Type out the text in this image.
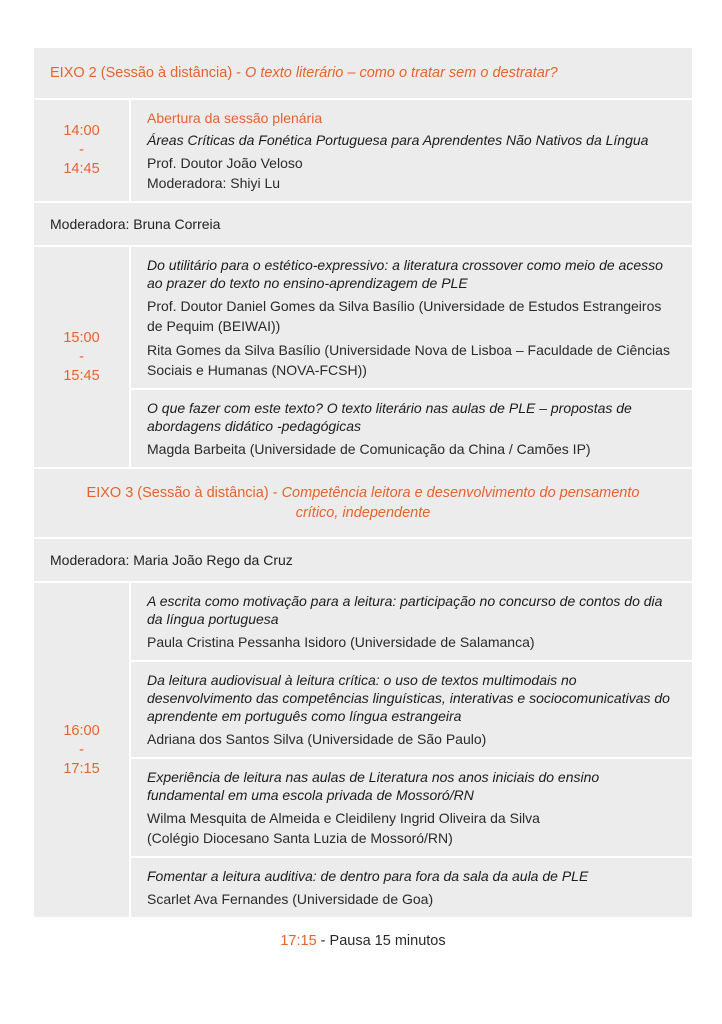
EIXO 2 (Sessão à distância) - O texto literário – como o tratar sem o destratar?
14:00
-
14:45
Abertura da sessão plenária
Áreas Críticas da Fonética Portuguesa para Aprendentes Não Nativos da Língua
Prof. Doutor João Veloso
Moderadora: Shiyi Lu
Moderadora: Bruna Correia
15:00
-
15:45
Do utilitário para o estético-expressivo: a literatura crossover como meio de acesso ao prazer do texto no ensino-aprendizagem de PLE
Prof. Doutor Daniel Gomes da Silva Basílio (Universidade de Estudos Estrangeiros de Pequim (BEIWAI))
Rita Gomes da Silva Basílio (Universidade Nova de Lisboa – Faculdade de Ciências Sociais e Humanas (NOVA-FCSH))
O que fazer com este texto? O texto literário nas aulas de PLE – propostas de abordagens didático -pedagógicas
Magda Barbeita (Universidade de Comunicação da China / Camões IP)
EIXO 3 (Sessão à distância) - Competência leitora e desenvolvimento do pensamento
crítico, independente
Moderadora: Maria João Rego da Cruz
16:00
-
17:15
A escrita como motivação para a leitura: participação no concurso de contos do dia da língua portuguesa
Paula Cristina Pessanha Isidoro (Universidade de Salamanca)
Da leitura audiovisual à leitura crítica: o uso de textos multimodais no desenvolvimento das competências linguísticas, interativas e sociocomunicativas do aprendente em português como língua estrangeira
Adriana dos Santos Silva (Universidade de São Paulo)
Experiência de leitura nas aulas de Literatura nos anos iniciais do ensino fundamental em uma escola privada de Mossoró/RN
Wilma Mesquita de Almeida e Cleidileny Ingrid Oliveira da Silva
(Colégio Diocesano Santa Luzia de Mossoró/RN)
Fomentar a leitura auditiva: de dentro para fora da sala da aula de PLE
Scarlet Ava Fernandes (Universidade de Goa)
17:15 - Pausa 15 minutos
